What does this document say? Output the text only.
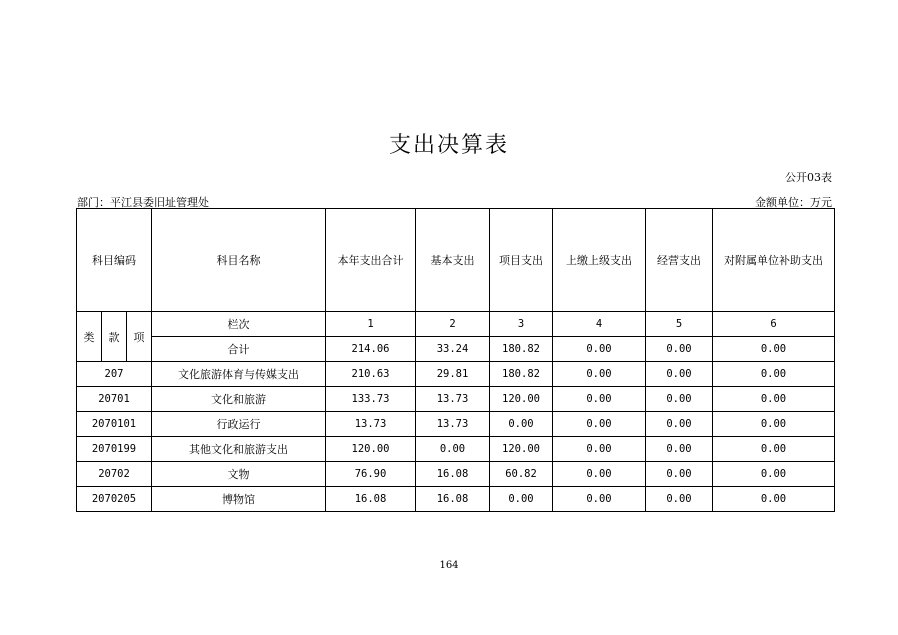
支出决算表
公开03表
部门：平江县委旧址管理处	金额单位：万元
科目编码			科目名称	本年支出合计	基本支出	项目支出	上缴上级支出	经营支出	对附属单位补助支出
类	款	项	栏次	1	2	3	4	5	6
			合计	214.06	33.24	180.82	0.00	0.00	0.00
207			文化旅游体育与传媒支出	210.63	29.81	180.82	0.00	0.00	0.00
20701			文化和旅游	133.73	13.73	120.00	0.00	0.00	0.00
2070101			行政运行	13.73	13.73	0.00	0.00	0.00	0.00
2070199			其他文化和旅游支出	120.00	0.00	120.00	0.00	0.00	0.00
20702			文物	76.90	16.08	60.82	0.00	0.00	0.00
2070205			博物馆	16.08	16.08	0.00	0.00	0.00	0.00
164
